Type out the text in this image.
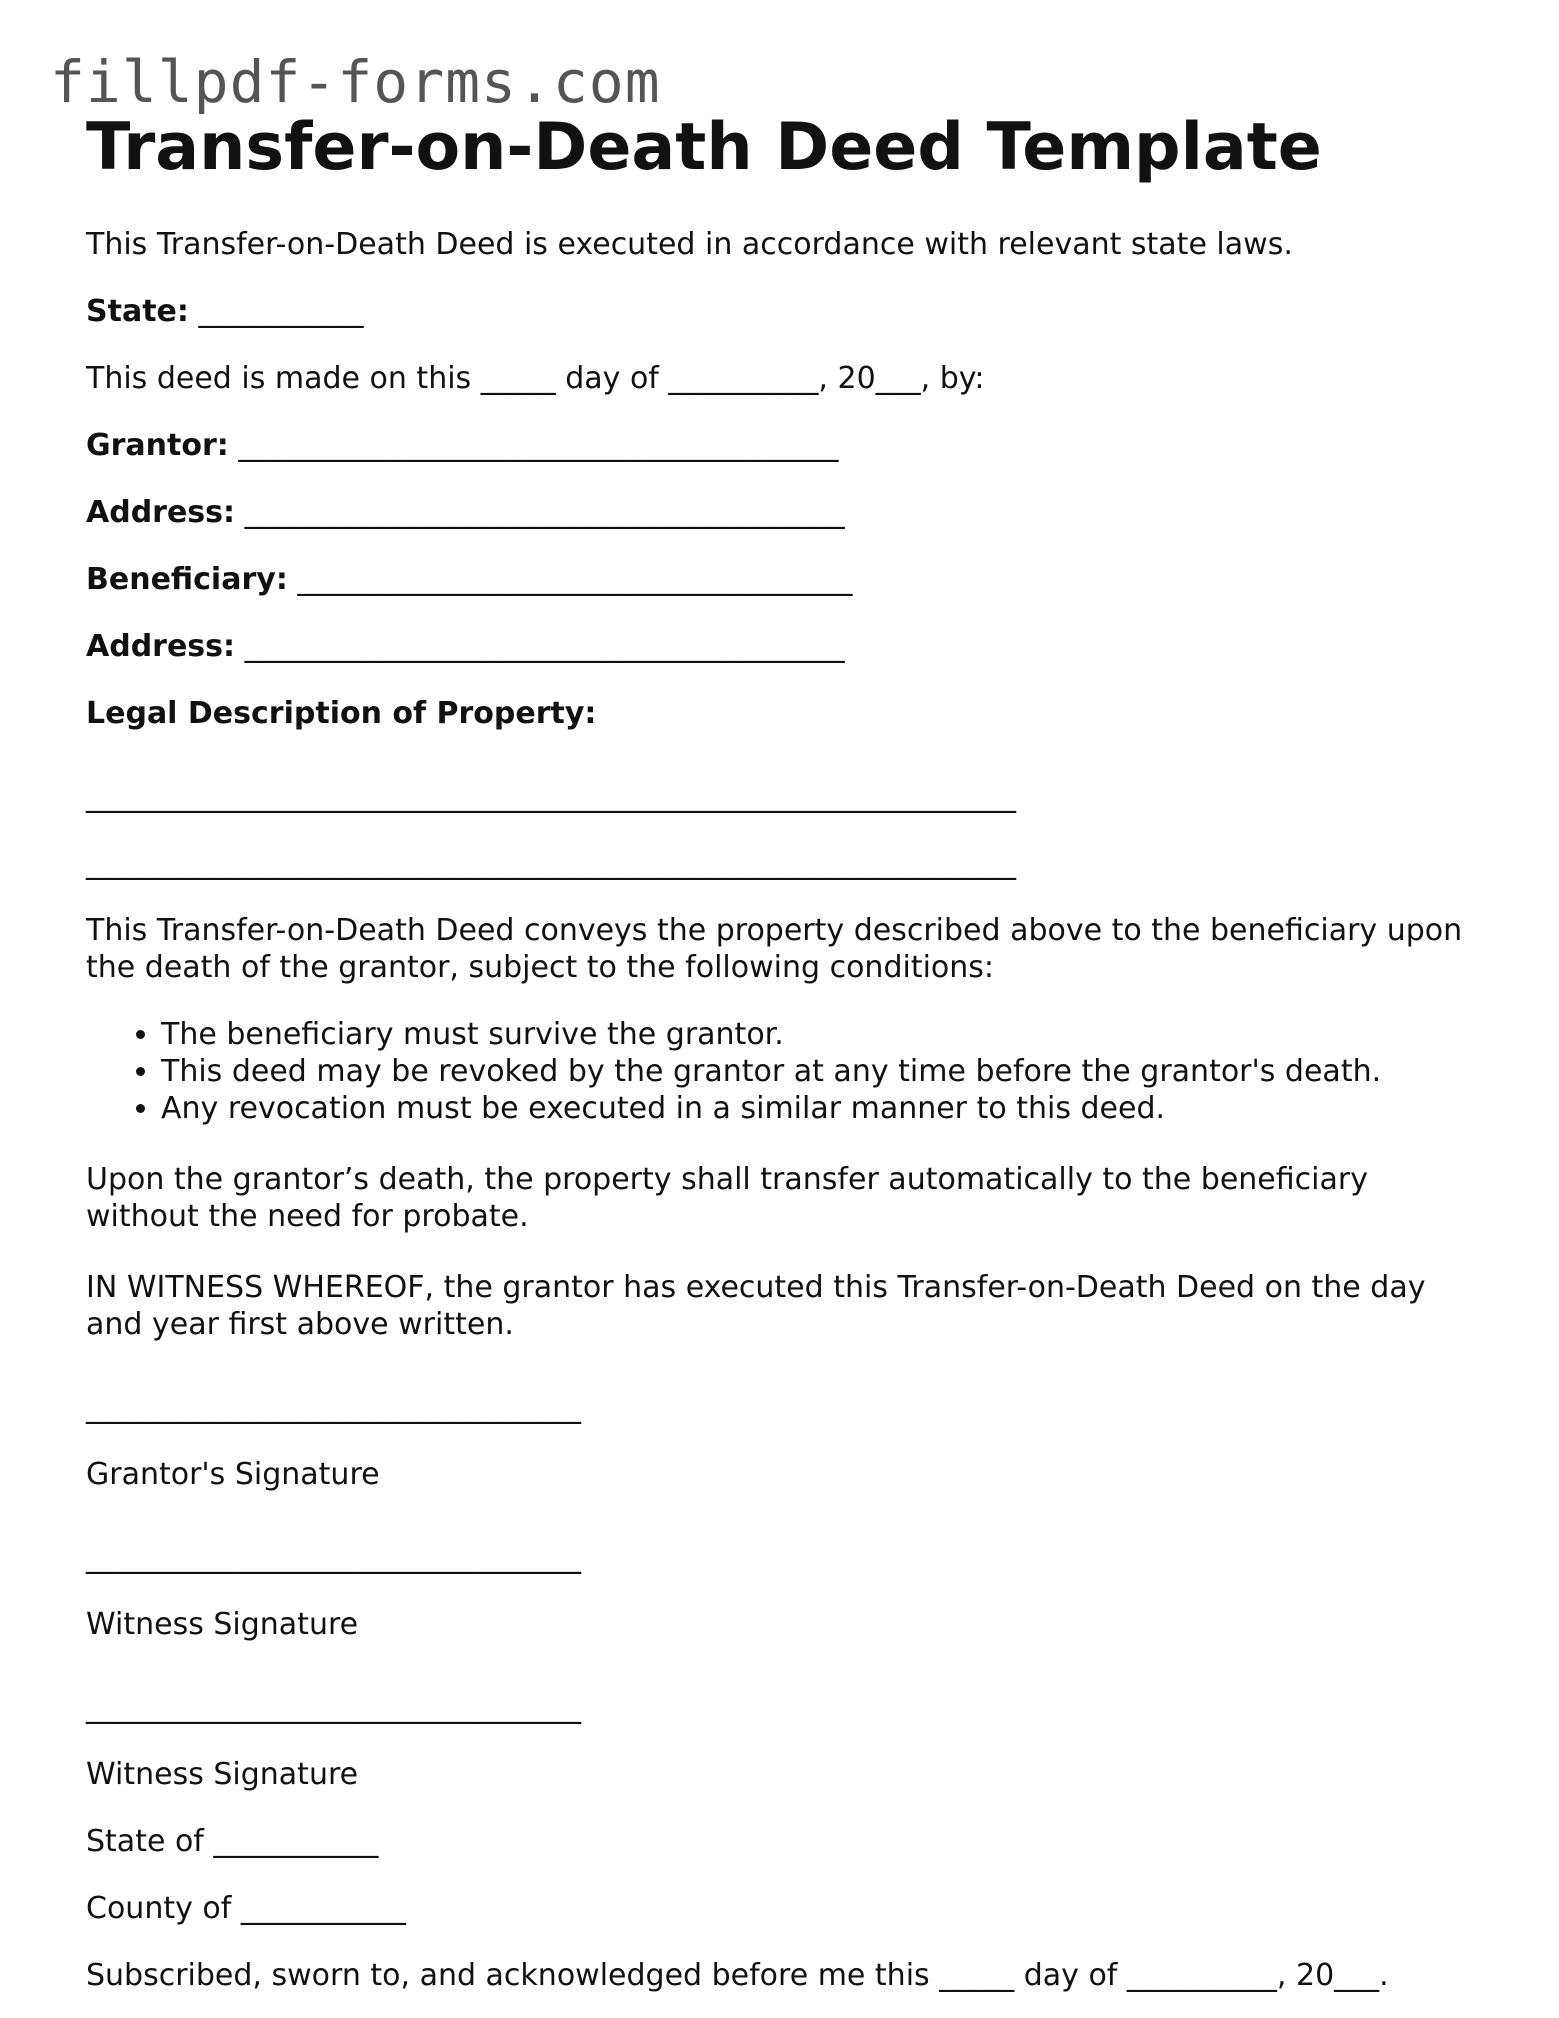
fillpdf-forms.com
Transfer-on-Death Deed Template

This Transfer-on-Death Deed is executed in accordance with relevant state laws.

State: ___________

This deed is made on this _____ day of __________, 20___, by:

Grantor: ________________________________________

Address: ________________________________________

Beneficiary: _____________________________________

Address: ________________________________________

Legal Description of Property:

______________________________________________________________

______________________________________________________________

This Transfer-on-Death Deed conveys the property described above to the beneficiary upon the death of the grantor, subject to the following conditions:

• The beneficiary must survive the grantor.
• This deed may be revoked by the grantor at any time before the grantor's death.
• Any revocation must be executed in a similar manner to this deed.

Upon the grantor’s death, the property shall transfer automatically to the beneficiary without the need for probate.

IN WITNESS WHEREOF, the grantor has executed this Transfer-on-Death Deed on the day and year first above written.

_________________________________

Grantor's Signature

_________________________________

Witness Signature

_________________________________

Witness Signature

State of ___________

County of ___________

Subscribed, sworn to, and acknowledged before me this _____ day of __________, 20___.
